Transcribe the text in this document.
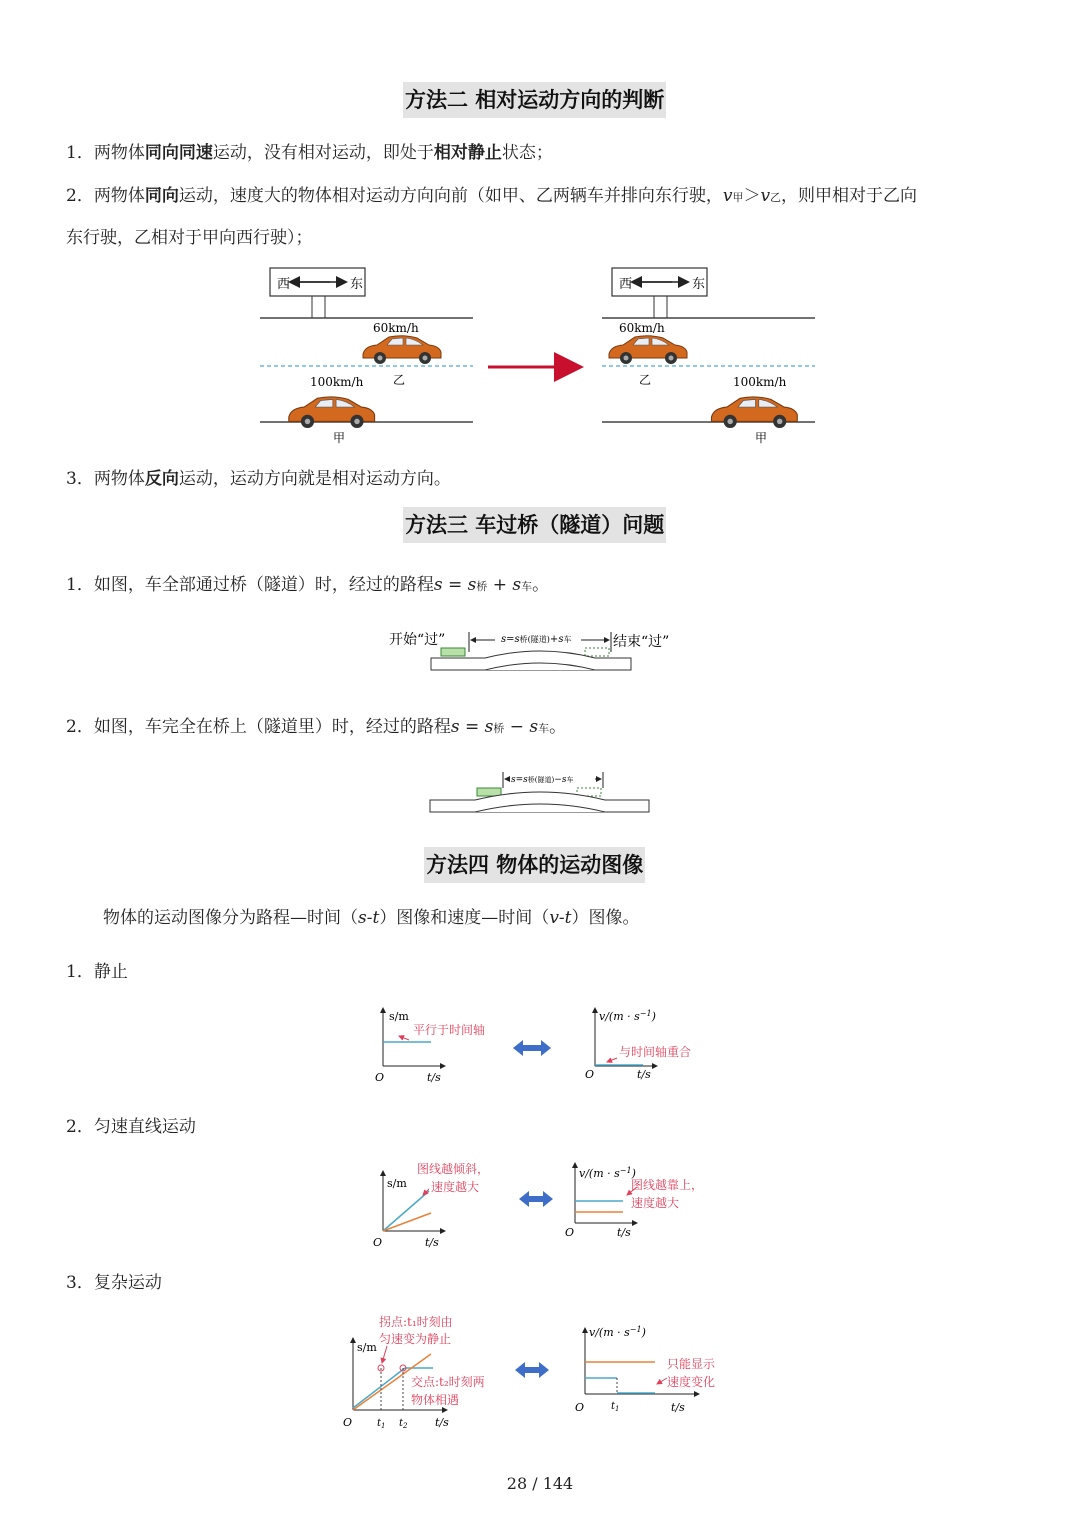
方法二 相对运动方向的判断
1．两物体同向同速运动，没有相对运动，即处于相对静止状态；
2．两物体同向运动，速度大的物体相对运动方向向前（如甲、乙两辆车并排向东行驶，v甲＞v乙，则甲相对于乙向
东行驶，乙相对于甲向西行驶）；
西	东
60km/h
乙
100km/h
甲
西	东
60km/h
乙	100km/h
甲
3．两物体反向运动，运动方向就是相对运动方向。
方法三 车过桥（隧道）问题
1．如图，车全部通过桥（隧道）时，经过的路程s = s桥 + s车。
开始“过”	结束“过”
s=s桥(隧道)+s车
2．如图，车完全在桥上（隧道里）时，经过的路程s = s桥 − s车。
s=s桥(隧道)−s车
方法四 物体的运动图像
物体的运动图像分为路程—时间（s-t）图像和速度—时间（v-t）图像。
1．静止
s/m
O	t/s
平行于时间轴
$v/(m \cdot s^{-1})$
O	t/s
与时间轴重合
2．匀速直线运动
s/m
O	t/s
图线越倾斜，
速度越大
$v/(m \cdot s^{-1})$
O	t/s
图线越靠上，
速度越大
3．复杂运动
s/m
O $t_1$ $t_2$	t/s
拐点:t₁时刻由
匀速变为静止
交点:t₂时刻两
物体相遇
$v/(m \cdot s^{-1})$
O	$t_1$	t/s
只能显示
速度变化
28 / 144
